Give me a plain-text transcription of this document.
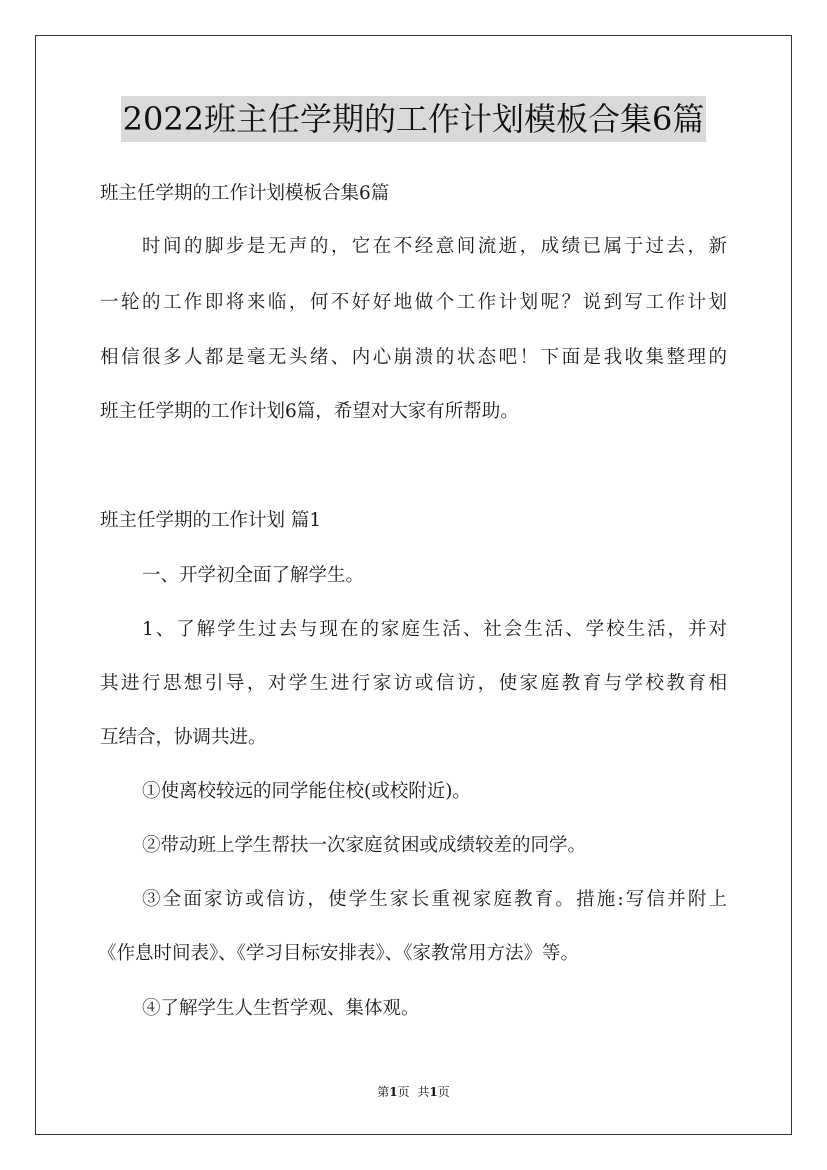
2022班主任学期的工作计划模板合集6篇
班主任学期的工作计划模板合集6篇
时间的脚步是无声的，它在不经意间流逝，成绩已属于过去，新
一轮的工作即将来临，何不好好地做个工作计划呢？说到写工作计划
相信很多人都是毫无头绪、内心崩溃的状态吧！下面是我收集整理的
班主任学期的工作计划6篇，希望对大家有所帮助。
班主任学期的工作计划 篇1
一、开学初全面了解学生。
1、了解学生过去与现在的家庭生活、社会生活、学校生活，并对
其进行思想引导，对学生进行家访或信访，使家庭教育与学校教育相
互结合，协调共进。
①使离校较远的同学能住校(或校附近)。
②带动班上学生帮扶一次家庭贫困或成绩较差的同学。
③全面家访或信访，使学生家长重视家庭教育。措施:写信并附上
《作息时间表》、《学习目标安排表》、《家教常用方法》等。
④了解学生人生哲学观、集体观。
第1页 共1页
